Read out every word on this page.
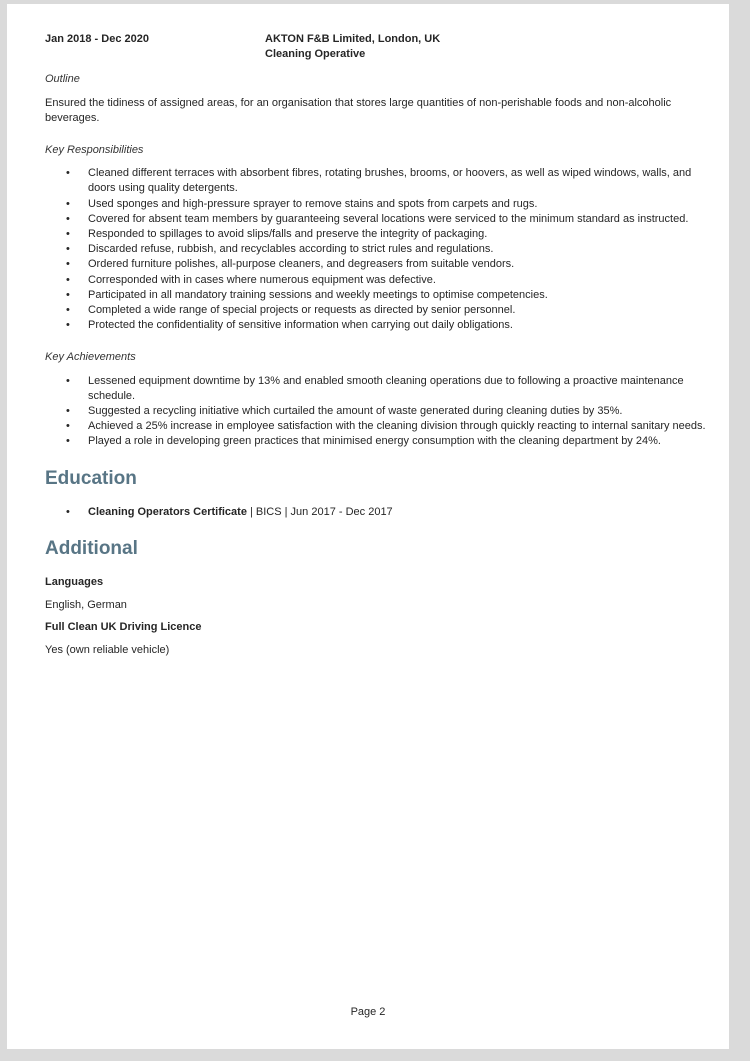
Jan 2018 - Dec 2020	AKTON F&B Limited, London, UK
Cleaning Operative
Outline

Ensured the tidiness of assigned areas, for an organisation that stores large quantities of non-perishable foods and non-alcoholic beverages.

Key Responsibilities
• Cleaned different terraces with absorbent fibres, rotating brushes, brooms, or hoovers, as well as wiped windows, walls, and doors using quality detergents.
• Used sponges and high-pressure sprayer to remove stains and spots from carpets and rugs.
• Covered for absent team members by guaranteeing several locations were serviced to the minimum standard as instructed.
• Responded to spillages to avoid slips/falls and preserve the integrity of packaging.
• Discarded refuse, rubbish, and recyclables according to strict rules and regulations.
• Ordered furniture polishes, all-purpose cleaners, and degreasers from suitable vendors.
• Corresponded with in cases where numerous equipment was defective.
• Participated in all mandatory training sessions and weekly meetings to optimise competencies.
• Completed a wide range of special projects or requests as directed by senior personnel.
• Protected the confidentiality of sensitive information when carrying out daily obligations.
Key Achievements
• Lessened equipment downtime by 13% and enabled smooth cleaning operations due to following a proactive maintenance schedule.
• Suggested a recycling initiative which curtailed the amount of waste generated during cleaning duties by 35%.
• Achieved a 25% increase in employee satisfaction with the cleaning division through quickly reacting to internal sanitary needs.
• Played a role in developing green practices that minimised energy consumption with the cleaning department by 24%.
Education
• Cleaning Operators Certificate | BICS | Jun 2017 - Dec 2017
Additional

Languages

English, German

Full Clean UK Driving Licence

Yes (own reliable vehicle)

Page 2
